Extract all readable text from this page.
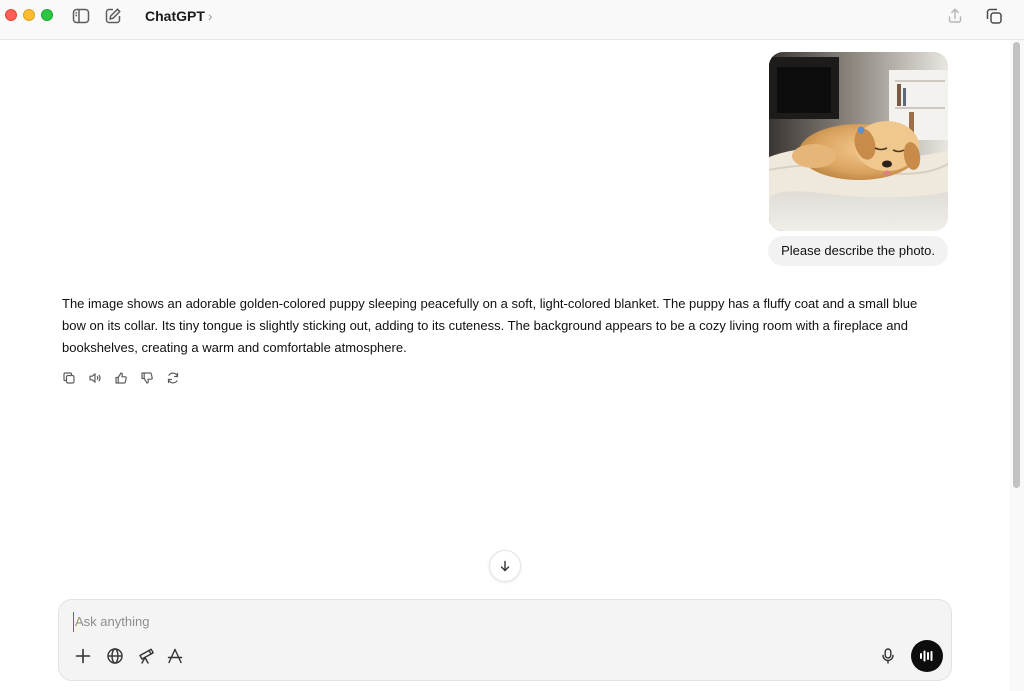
ChatGPT ›
Please describe the photo.
The image shows an adorable golden-colored puppy sleeping peacefully on a soft, light-colored blanket. The puppy has a fluffy coat and a small blue bow on its collar. Its tiny tongue is slightly sticking out, adding to its cuteness. The background appears to be a cozy living room with a fireplace and bookshelves, creating a warm and comfortable atmosphere.
Ask anything
